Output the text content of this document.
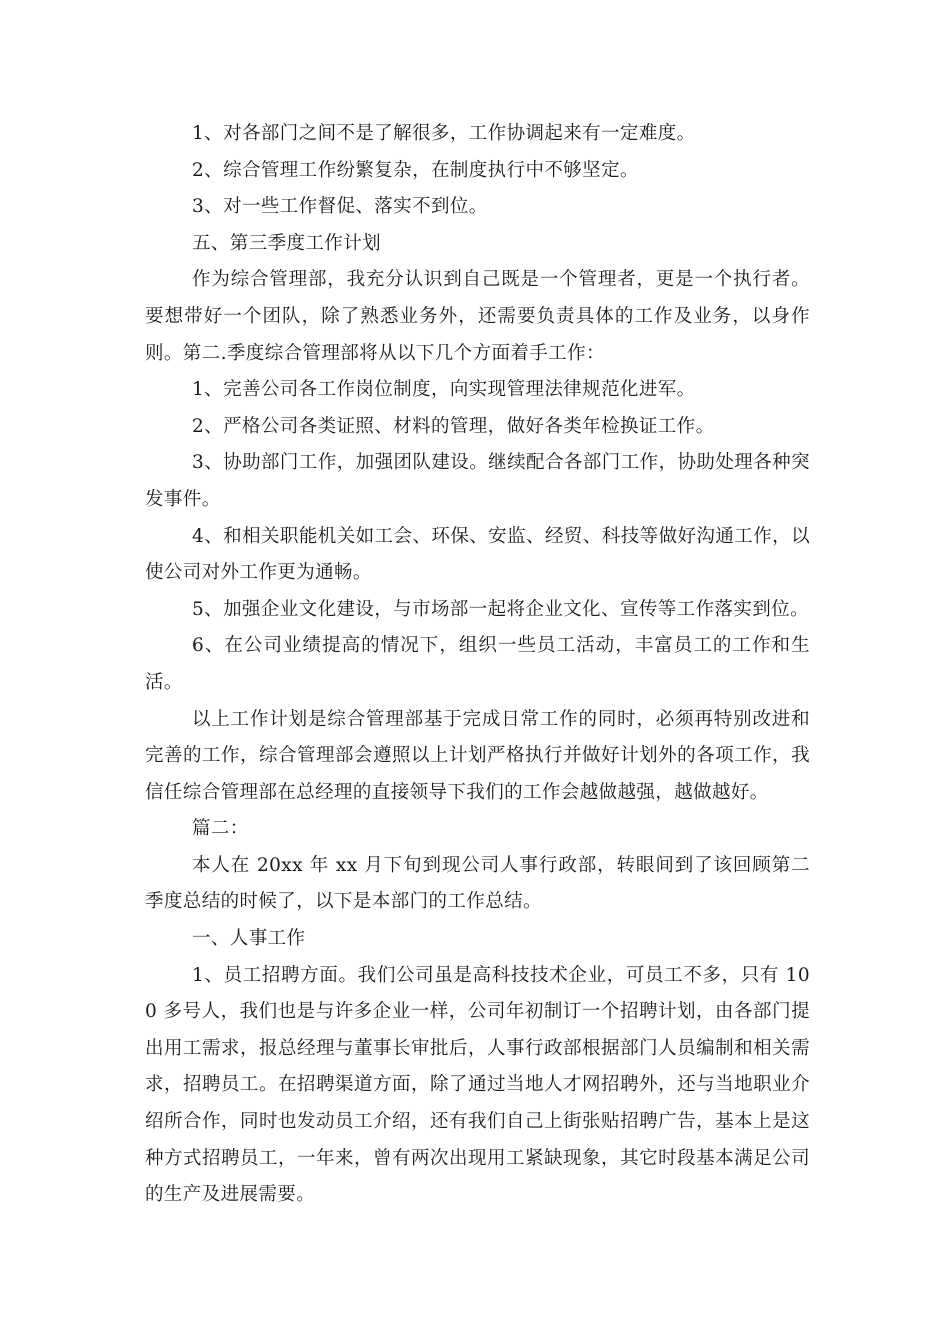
1、对各部门之间不是了解很多，工作协调起来有一定难度。

2、综合管理工作纷繁复杂，在制度执行中不够坚定。

3、对一些工作督促、落实不到位。

五、第三季度工作计划

作为综合管理部，我充分认识到自己既是一个管理者，更是一个执行者。要想带好一个团队，除了熟悉业务外，还需要负责具体的工作及业务，以身作则。第二.季度综合管理部将从以下几个方面着手工作：

1、完善公司各工作岗位制度，向实现管理法律规范化进军。

2、严格公司各类证照、材料的管理，做好各类年检换证工作。

3、协助部门工作，加强团队建设。继续配合各部门工作，协助处理各种突发事件。

4、和相关职能机关如工会、环保、安监、经贸、科技等做好沟通工作，以使公司对外工作更为通畅。

5、加强企业文化建设，与市场部一起将企业文化、宣传等工作落实到位。

6、在公司业绩提高的情况下，组织一些员工活动，丰富员工的工作和生活。

以上工作计划是综合管理部基于完成日常工作的同时，必须再特别改进和完善的工作，综合管理部会遵照以上计划严格执行并做好计划外的各项工作，我信任综合管理部在总经理的直接领导下我们的工作会越做越强，越做越好。

篇二：

本人在 20xx 年 xx 月下旬到现公司人事行政部，转眼间到了该回顾第二季度总结的时候了，以下是本部门的工作总结。

一、人事工作

1、员工招聘方面。我们公司虽是高科技技术企业，可员工不多，只有 100 多号人，我们也是与许多企业一样，公司年初制订一个招聘计划，由各部门提出用工需求，报总经理与董事长审批后，人事行政部根据部门人员编制和相关需求，招聘员工。在招聘渠道方面，除了通过当地人才网招聘外，还与当地职业介绍所合作，同时也发动员工介绍，还有我们自己上街张贴招聘广告，基本上是这种方式招聘员工，一年来，曾有两次出现用工紧缺现象，其它时段基本满足公司的生产及进展需要。
